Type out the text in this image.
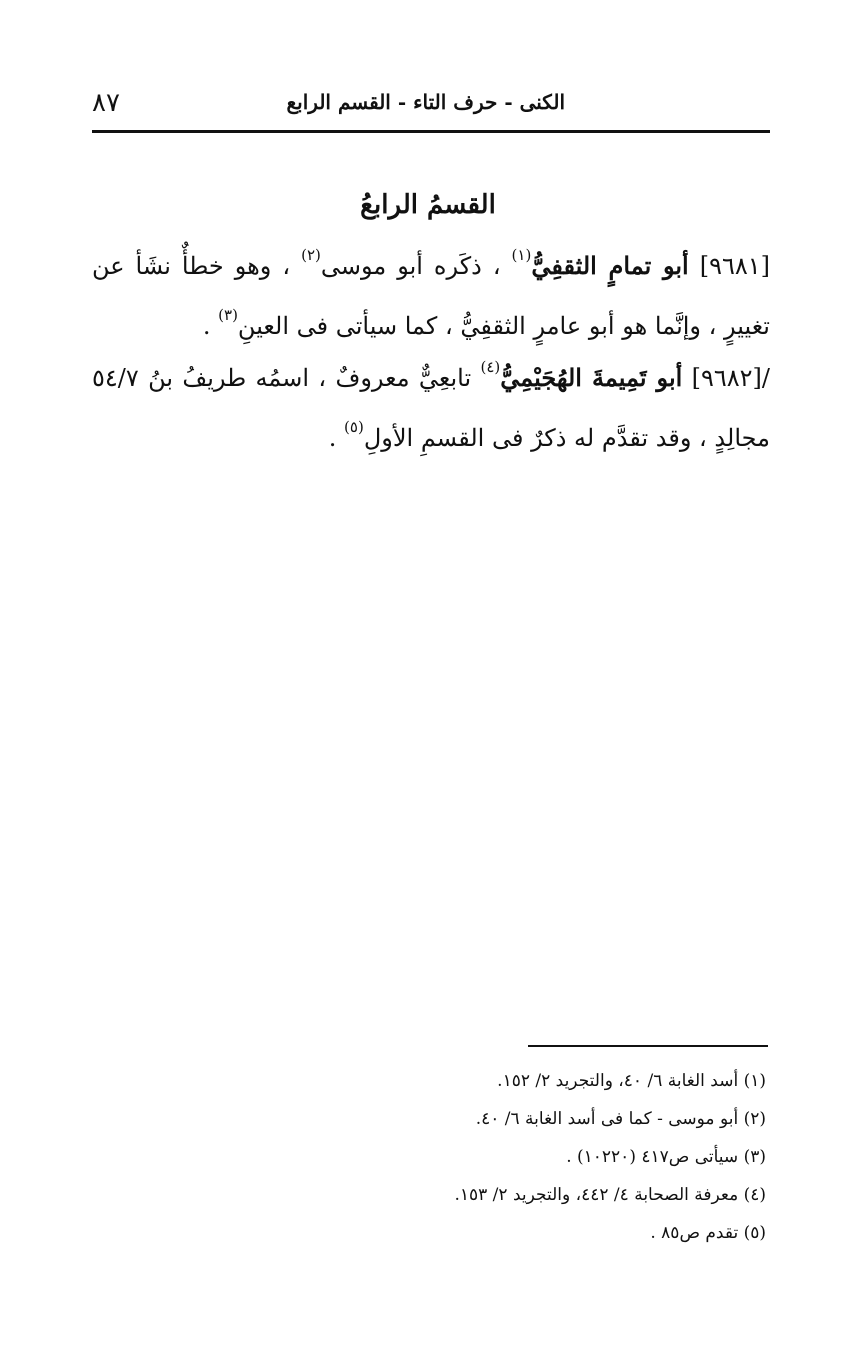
٨٧	الكنى - حرف التاء - القسم الرابع
القسمُ الرابعُ
[٩٦٨١] أبو تمامٍ الثقفِيُّ$^{(١)}$ ، ذكَره أبو موسى$^{(٢)}$ ، وهو خطأٌ نشَأ عن
تغييرٍ ، وإنَّما هو أبو عامرٍ الثقفِيُّ ، كما سيأتى فى العينِ$^{(٣)}$ .
/[٩٦٨٢] أبو تَمِيمةَ الهُجَيْمِيُّ$^{(٤)}$ تابعِيٌّ معروفٌ ، اسمُه طريفُ بنُ ٥٤/٧
مجالِدٍ ، وقد تقدَّم له ذكرٌ فى القسمِ الأولِ$^{(٥)}$ .
(١) أسد الغابة ٦/ ٤٠، والتجريد ٢/ ١٥٢.
(٢) أبو موسى - كما فى أسد الغابة ٦/ ٤٠.
(٣) سيأتى ص٤١٧ (١٠٢٢٠) .
(٤) معرفة الصحابة ٤/ ٤٤٢، والتجريد ٢/ ١٥٣.
(٥) تقدم ص٨٥ .
